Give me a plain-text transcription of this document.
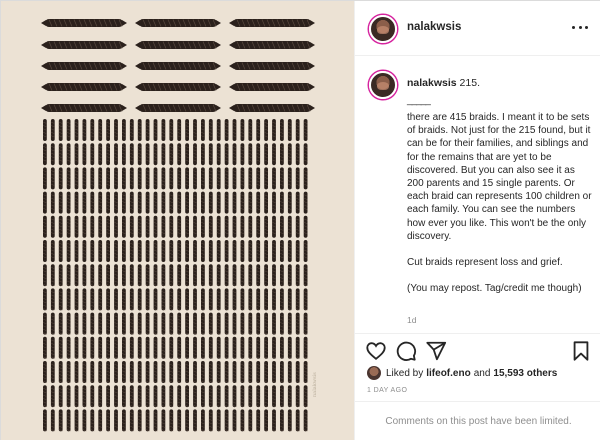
nalakwsis
nalakwsis
nalakwsis 215.
_____

there are 415 braids. I meant it to be sets of braids. Not just for the 215 found, but it can be for their families, and siblings and for the remains that are yet to be discovered. But you can also see it as 200 parents and 15 single parents. Or each braid can represents 100 children or each family. You can see the numbers how ever you like. This won't be the only discovery.

Cut braids represent loss and grief.

(You may repost. Tag/credit me though)

1d
Liked by lifeof.eno and 15,593 others
1 DAY AGO
Comments on this post have been limited.
